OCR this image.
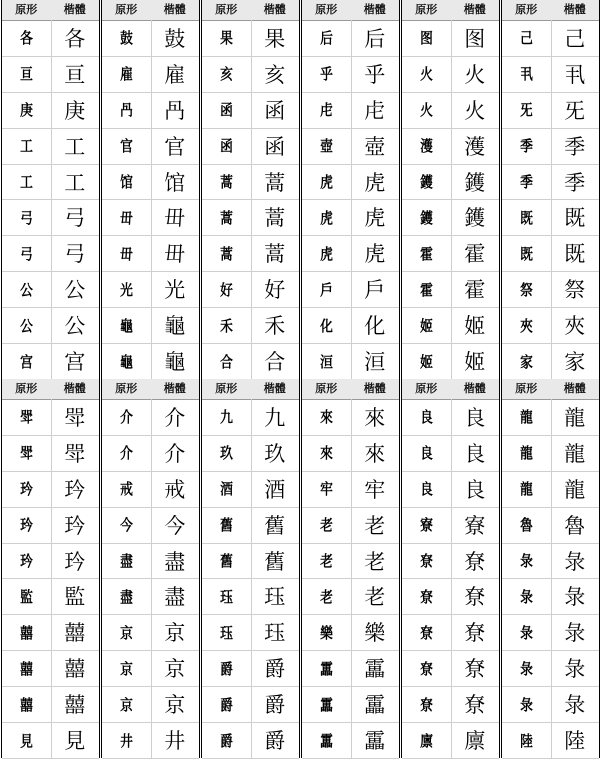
原形	楷體
各 各
亘 亘
庚 庚
工 工
工 工
弓 弓
弓 弓
公 公
公 公
宫 宫
原形	楷體
鼓 鼓
雇 雇
冎 冎
官 官
馆 馆
毌 毌
毌 毌
光 光
龜 龜
龜 龜
原形	楷體
果 果
亥 亥
函 函
函 函
蒿 蒿
蒿 蒿
蒿 蒿
好 好
禾 禾
合 合
原形	楷體
后 后
乎 乎
虍 虍
壺 壺
虎 虎
虎 虎
虎 虎
戶 戶
化 化
洹 洹
原形	楷體
图 图
火 火
火 火
濩 濩
鑊 鑊
鑊 鑊
霍 霍
霍 霍
姬 姬
姬 姬
原形	楷體
己 己
丮 丮
旡 旡
季 季
季 季
既 既
既 既
祭 祭
夾 夾
家 家
原形	楷體
斝 斝
斝 斝
玪 玪
玪 玪
玪 玪
監 監
囍 囍
囍 囍
囍 囍
見 見
原形	楷體
介 介
介 介
戒 戒
今 今
盡 盡
盡 盡
京 京
京 京
京 京
井 井
原形	楷體
九 九
玖 玖
酒 酒
舊 舊
舊 舊
珏 珏
珏 珏
爵 爵
爵 爵
爵 爵
原形	楷體
來 來
來 來
牢 牢
老 老
老 老
老 老
樂 樂
靁 靁
靁 靁
靁 靁
原形	楷體
良 良
良 良
良 良
寮 寮
尞 尞
尞 尞
尞 尞
尞 尞
尞 尞
廪 廪
原形	楷體
龍 龍
龍 龍
龍 龍
魯 魯
彔 彔
彔 彔
彔 彔
彔 彔
彔 彔
陸 陸
